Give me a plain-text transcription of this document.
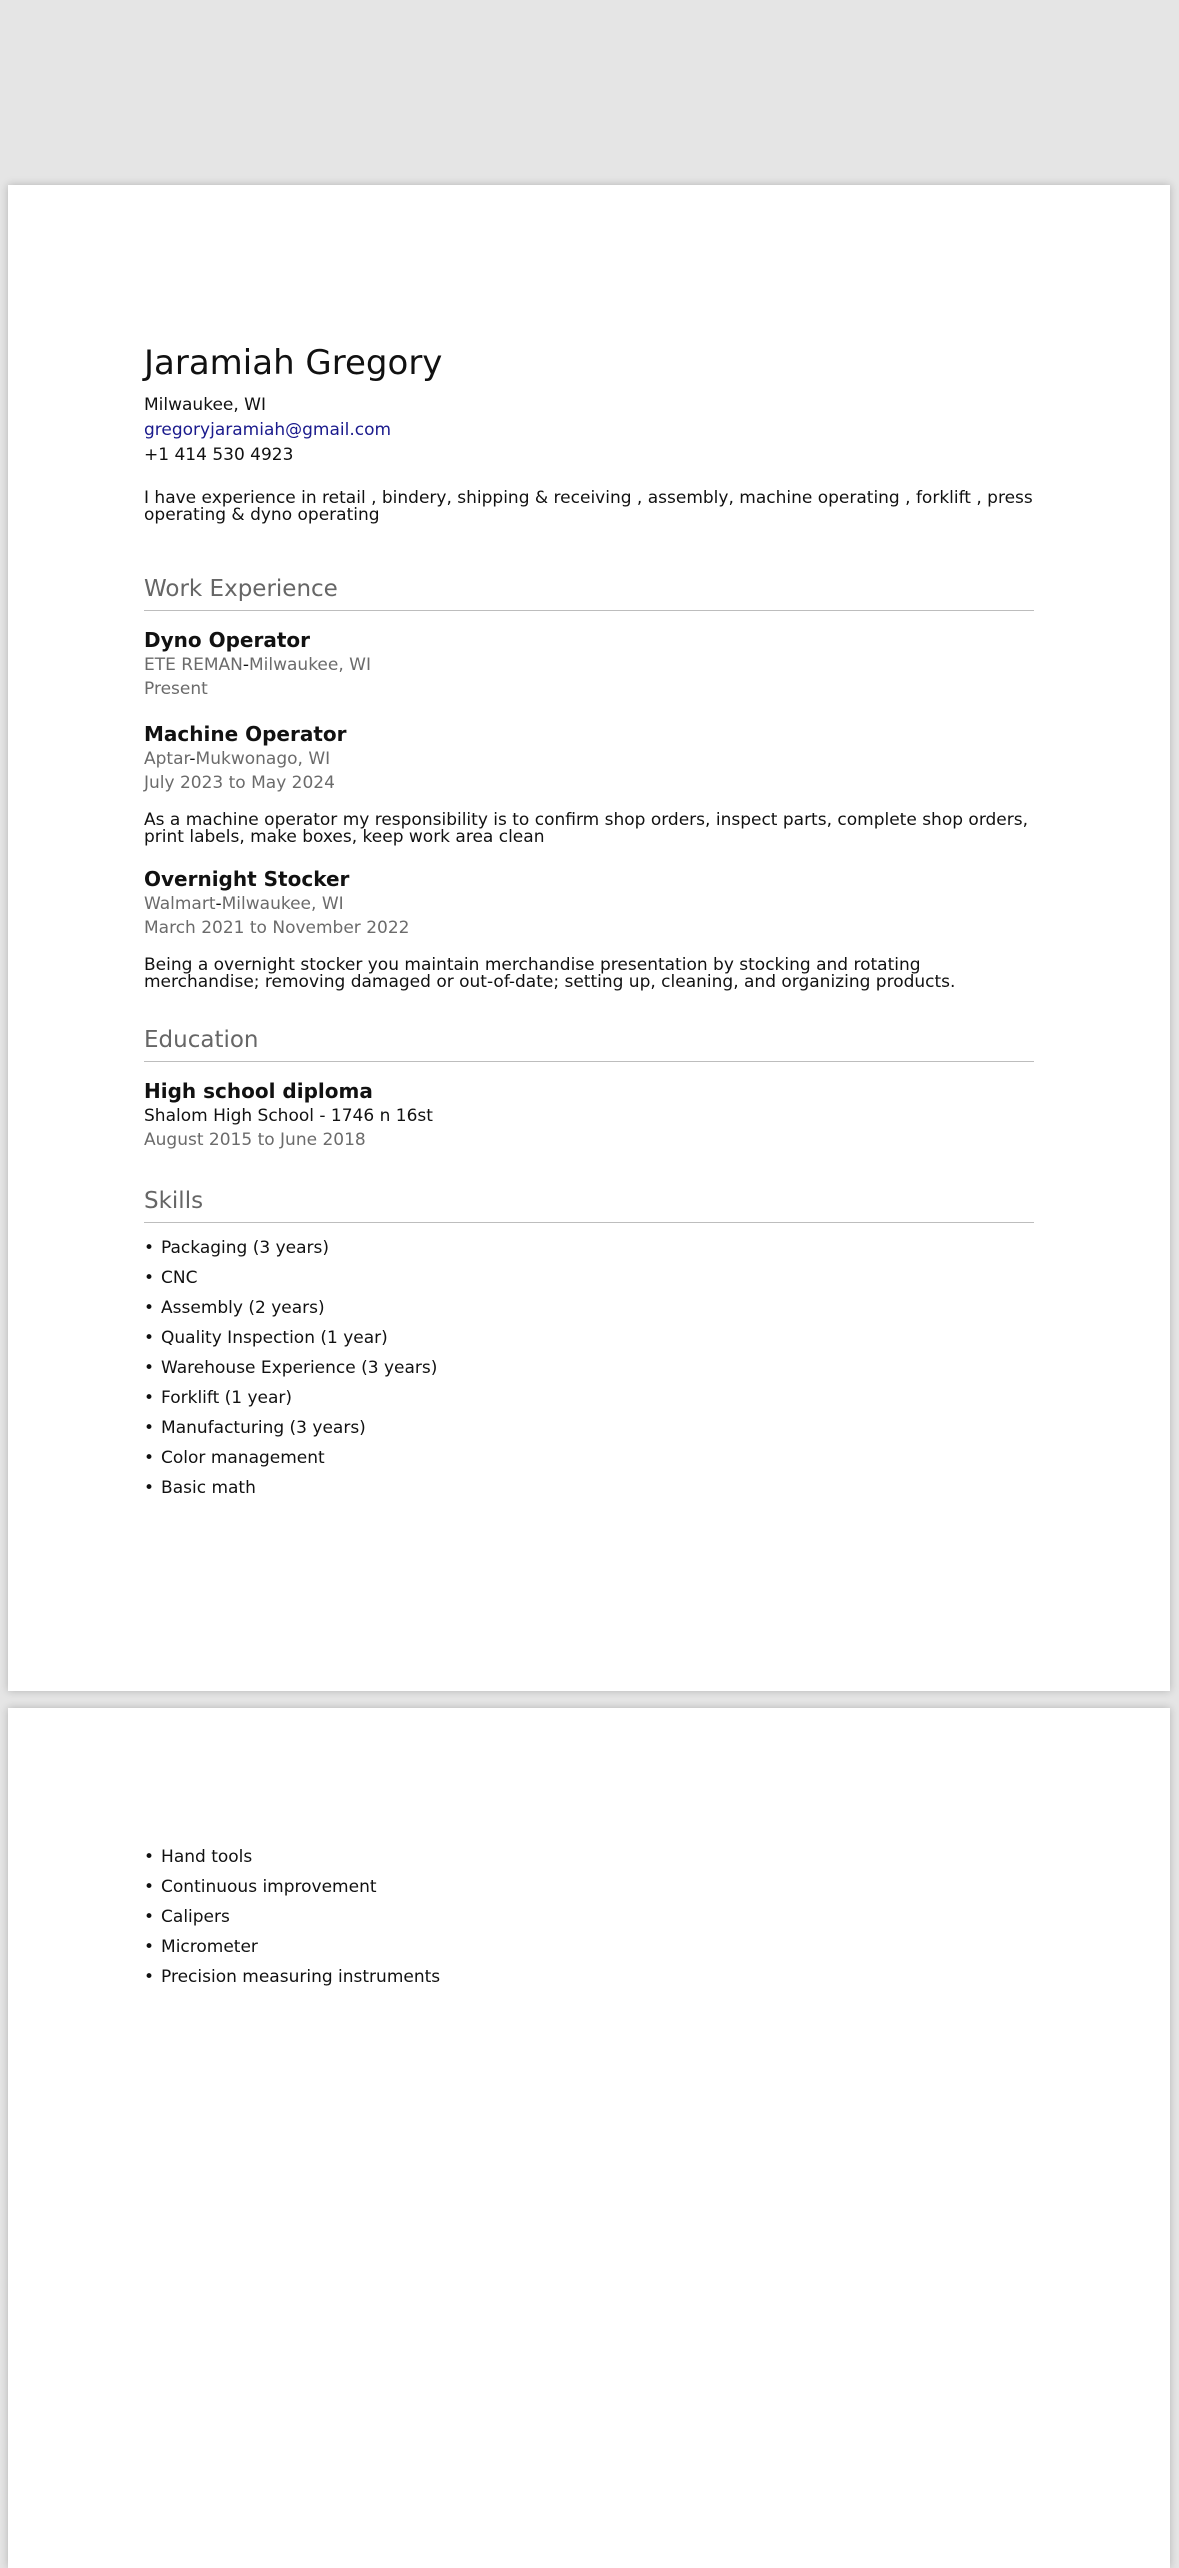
Jaramiah Gregory
Milwaukee, WI
gregoryjaramiah@gmail.com
+1 414 530 4923
I have experience in retail , bindery, shipping & receiving , assembly, machine operating , forklift , press operating & dyno operating
Work Experience
Dyno Operator
ETE REMAN-Milwaukee, WI
Present
Machine Operator
Aptar-Mukwonago, WI
July 2023 to May 2024
As a machine operator my responsibility is to confirm shop orders, inspect parts, complete shop orders, print labels, make boxes, keep work area clean
Overnight Stocker
Walmart-Milwaukee, WI
March 2021 to November 2022
Being a overnight stocker you maintain merchandise presentation by stocking and rotating merchandise; removing damaged or out-of-date; setting up, cleaning, and organizing products.
Education
High school diploma
Shalom High School - 1746 n 16st
August 2015 to June 2018
Skills
• Packaging (3 years)
• CNC
• Assembly (2 years)
• Quality Inspection (1 year)
• Warehouse Experience (3 years)
• Forklift (1 year)
• Manufacturing (3 years)
• Color management
• Basic math
• Hand tools
• Continuous improvement
• Calipers
• Micrometer
• Precision measuring instruments
